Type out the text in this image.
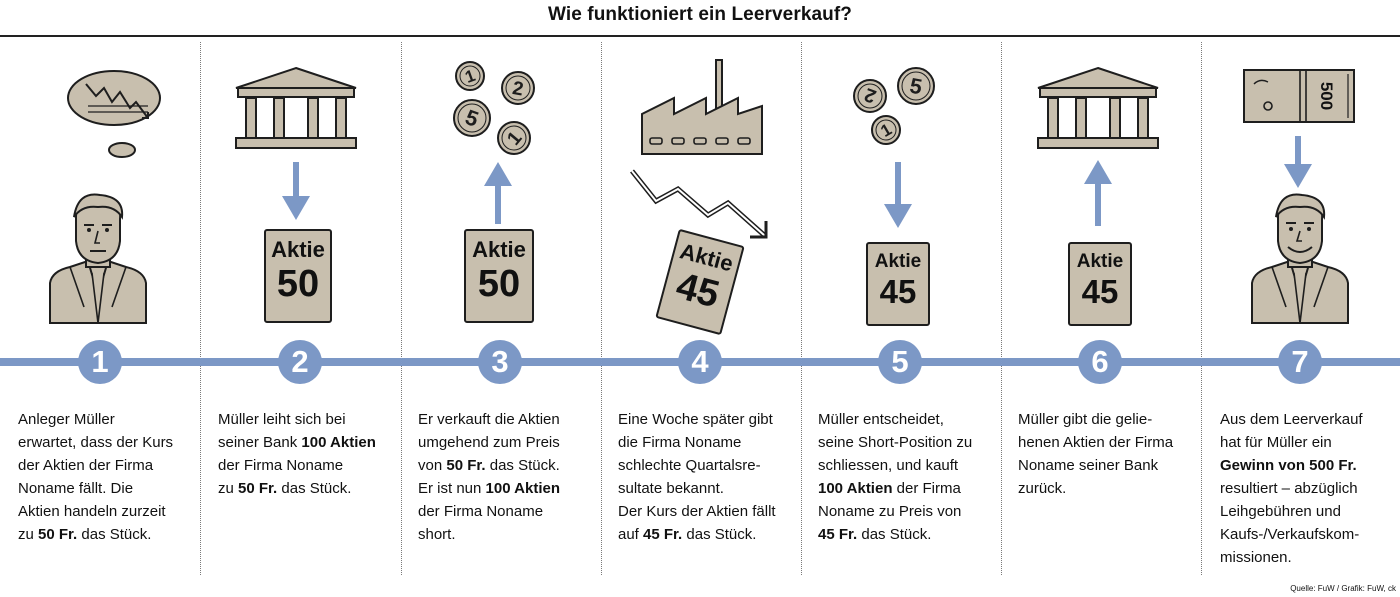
Wie funktioniert ein Leerverkauf?
Aktie
50
1
2
5
1
Aktie
50
Aktie
45
2 5
1
Aktie
45
Aktie
45
500
1
Anleger Müller
erwartet, dass der Kurs
der Aktien der Firma
Noname fällt. Die
Aktien handeln zurzeit
zu 50 Fr. das Stück.
2
Müller leiht sich bei
seiner Bank 100 Aktien
der Firma Noname
zu 50 Fr. das Stück.
3
Er verkauft die Aktien
umgehend zum Preis
von 50 Fr. das Stück.
Er ist nun 100 Aktien
der Firma Noname
short.
4
Eine Woche später gibt
die Firma Noname
schlechte Quartalsre-
sultate bekannt.
Der Kurs der Aktien fällt
auf 45 Fr. das Stück.
5
Müller entscheidet,
seine Short-Position zu
schliessen, und kauft
100 Aktien der Firma
Noname zu Preis von
45 Fr. das Stück.
6
Müller gibt die gelie-
henen Aktien der Firma
Noname seiner Bank
zurück.
7
Aus dem Leerverkauf
hat für Müller ein
Gewinn von 500 Fr.
resultiert – abzüglich
Leihgebühren und
Kaufs-/Verkaufskom-
missionen.
Quelle: FuW / Grafik: FuW, ck
